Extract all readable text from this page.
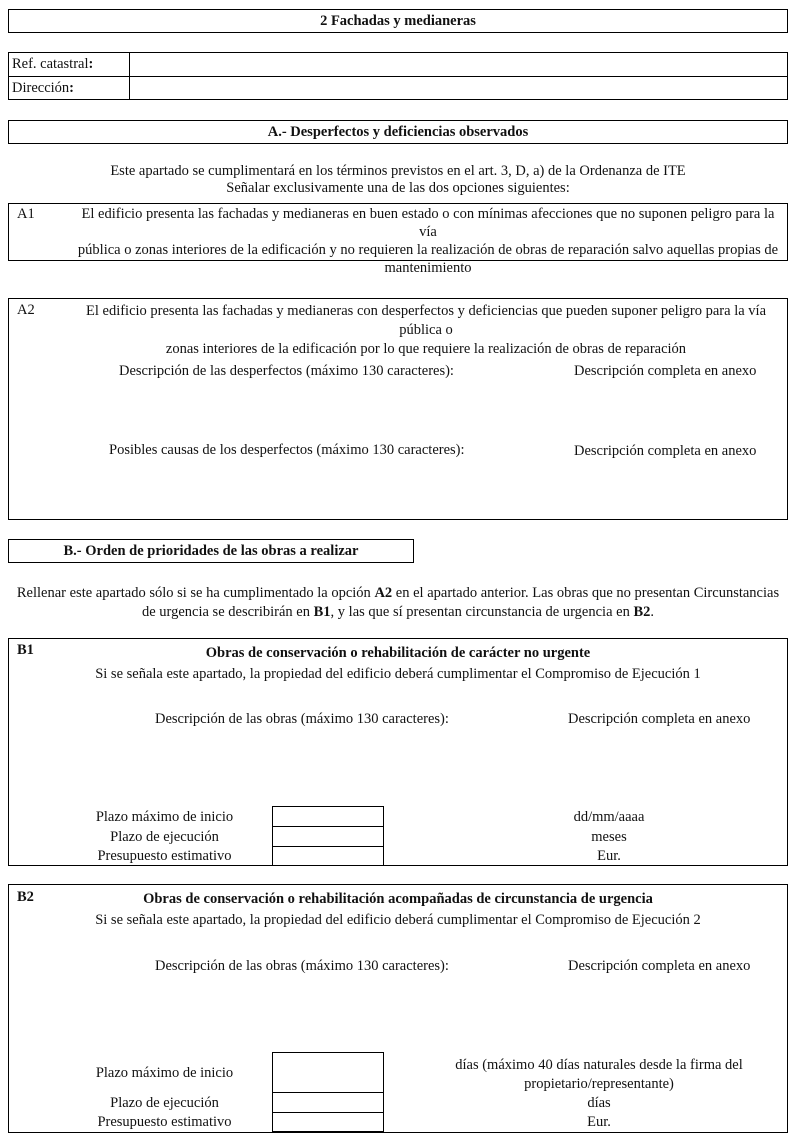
2 Fachadas y medianeras
Ref. catastral :
Dirección :
A.- Desperfectos y deficiencias observados
Este apartado se cumplimentará en los términos previstos en el art. 3, D, a) de la Ordenanza de ITE
Señalar exclusivamente una de las dos opciones siguientes:
A1	El edificio presenta las fachadas y medianeras en buen estado o con mínimas afecciones que no suponen peligro para la vía
pública o zonas interiores de la edificación y no requieren la realización de obras de reparación salvo aquellas propias de
mantenimiento
A2	El edificio presenta las fachadas y medianeras con desperfectos y deficiencias que pueden suponer peligro para la vía pública o
zonas interiores de la edificación por lo que requiere la realización de obras de reparación
Descripción de las desperfectos (máximo 130 caracteres):	Descripción completa en anexo
Posibles causas de los desperfectos (máximo 130 caracteres):	Descripción completa en anexo
B.- Orden de prioridades de las obras a realizar
Rellenar este apartado sólo si se ha cumplimentado la opción A2 en el apartado anterior. Las obras que no presentan Circunstancias
de urgencia se describirán en B1, y las que sí presentan circunstancia de urgencia en B2.
B1	Obras de conservación o rehabilitación de carácter no urgente
Si se señala este apartado, la propiedad del edificio deberá cumplimentar el Compromiso de Ejecución 1
Descripción de las obras (máximo 130 caracteres):	Descripción completa en anexo
Plazo máximo de inicio	dd/mm/aaaa
Plazo de ejecución	meses
Presupuesto estimativo	Eur.
B2	Obras de conservación o rehabilitación acompañadas de circunstancia de urgencia
Si se señala este apartado, la propiedad del edificio deberá cumplimentar el Compromiso de Ejecución 2
Descripción de las obras (máximo 130 caracteres):	Descripción completa en anexo
Plazo máximo de inicio	días (máximo 40 días naturales desde la firma del
propietario/representante)
Plazo de ejecución	días
Presupuesto estimativo	Eur.
